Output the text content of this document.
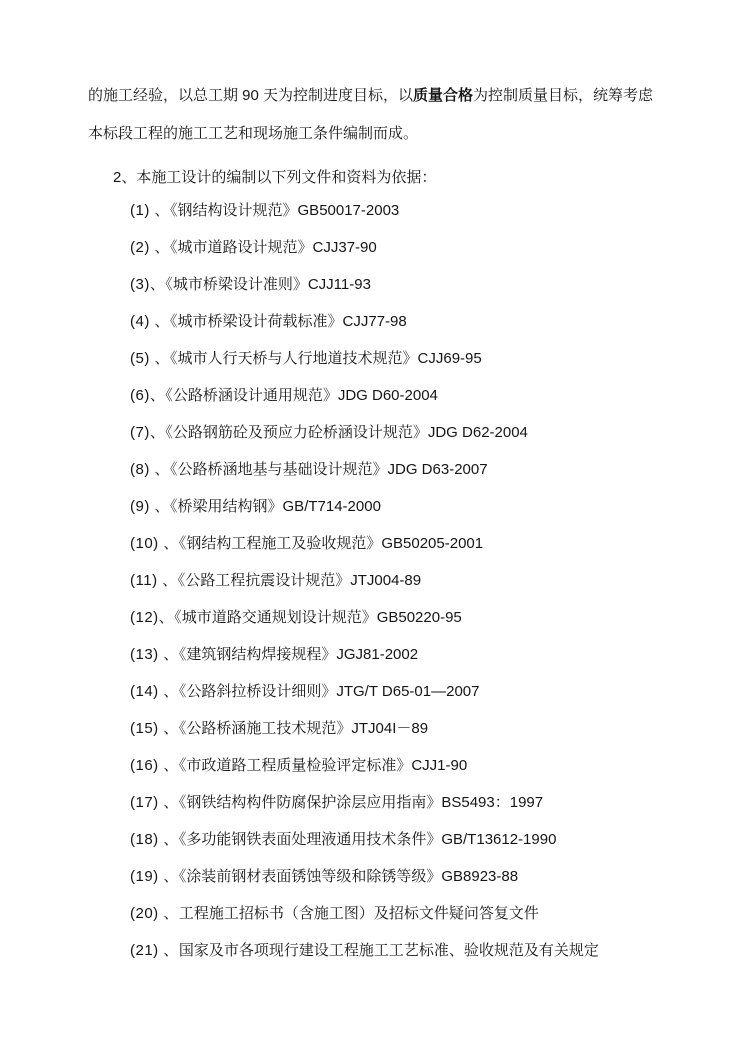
的施工经验，以总工期 90 天为控制进度目标，以质量合格为控制质量目标，统筹考虑本标段工程的施工工艺和现场施工条件编制而成。

2、本施工设计的编制以下列文件和资料为依据：

(1) 、《钢结构设计规范》GB50017-2003
(2) 、《城市道路设计规范》CJJ37-90
(3)、《城市桥梁设计准则》CJJ11-93
(4) 、《城市桥梁设计荷载标准》CJJ77-98
(5) 、《城市人行天桥与人行地道技术规范》CJJ69-95
(6)、《公路桥涵设计通用规范》JDG D60-2004
(7)、《公路钢筋砼及预应力砼桥涵设计规范》JDG D62-2004
(8) 、《公路桥涵地基与基础设计规范》JDG D63-2007
(9) 、《桥梁用结构钢》GB/T714-2000
(10) 、《钢结构工程施工及验收规范》GB50205-2001
(11) 、《公路工程抗震设计规范》JTJ004-89
(12)、《城市道路交通规划设计规范》GB50220-95
(13) 、《建筑钢结构焊接规程》JGJ81-2002
(14) 、《公路斜拉桥设计细则》JTG/T D65-01—2007
(15) 、《公路桥涵施工技术规范》JTJ04I－89
(16) 、《市政道路工程质量检验评定标准》CJJ1-90
(17) 、《钢铁结构构件防腐保护涂层应用指南》BS5493：1997
(18) 、《多功能钢铁表面处理液通用技术条件》GB/T13612-1990
(19) 、《涂装前钢材表面锈蚀等级和除锈等级》GB8923-88
(20) 、工程施工招标书（含施工图）及招标文件疑问答复文件
(21) 、国家及市各项现行建设工程施工工艺标准、验收规范及有关规定
